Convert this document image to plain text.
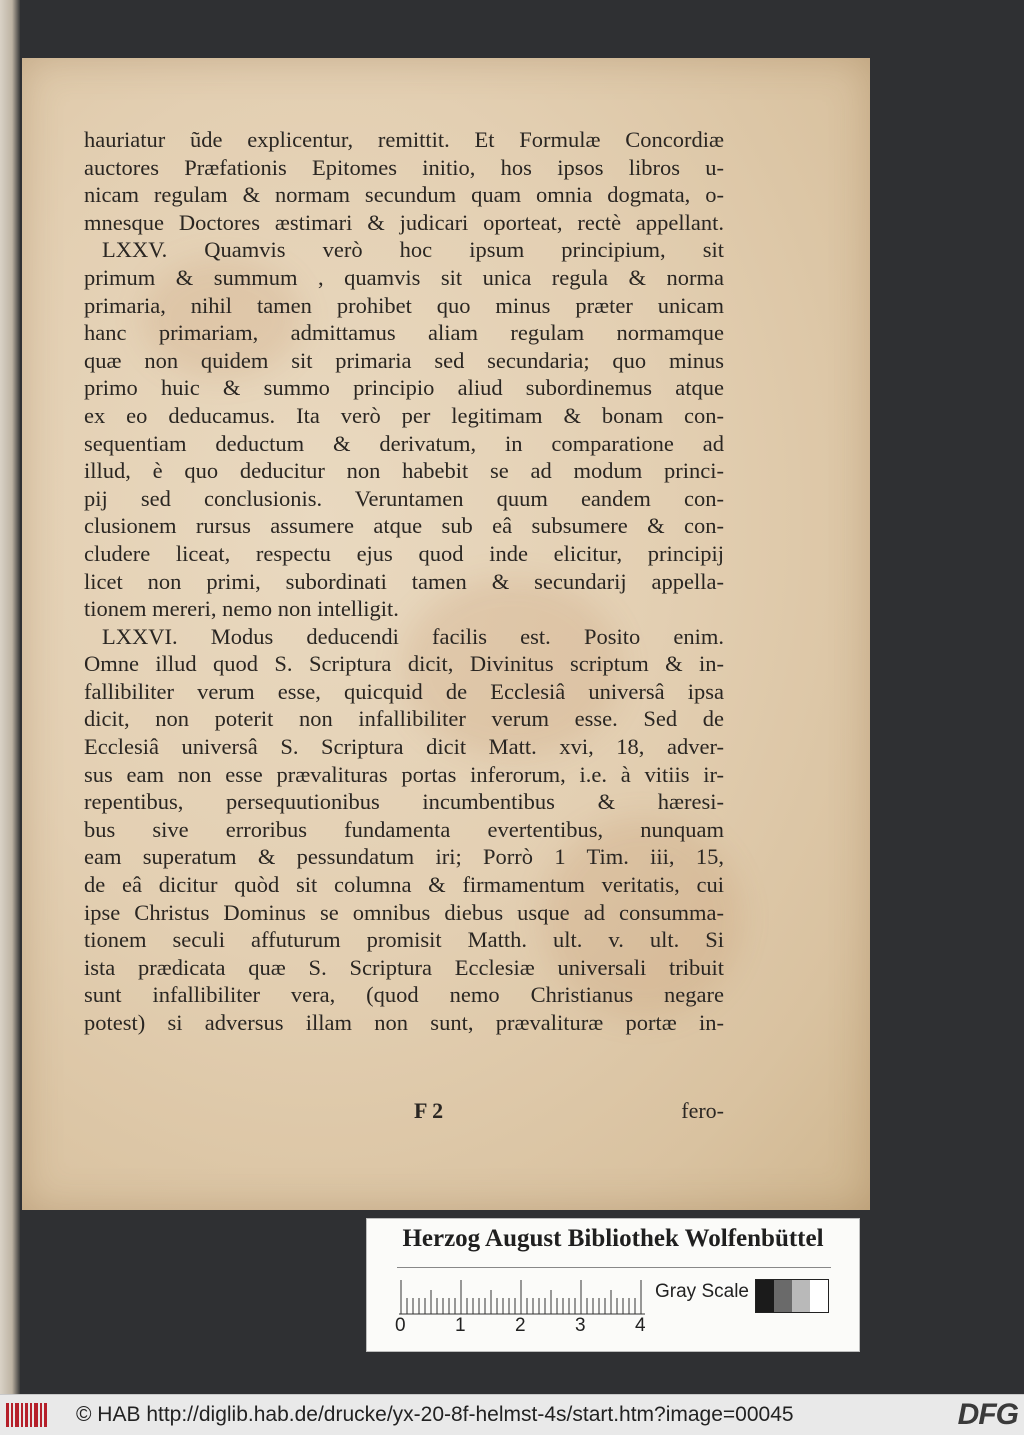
hauriatur ũde explicentur, remittit. Et Formulæ Concordiæ
auctores Præfationis Epitomes initio, hos ipsos libros u-
nicam regulam & normam secundum quam omnia dogmata, o-
mnesque Doctores æstimari & judicari oporteat, rectè appellant.
LXXV. Quamvis verò hoc ipsum principium, sit
primum & summum , quamvis sit unica regula & norma
primaria, nihil tamen prohibet quo minus præter unicam
hanc primariam, admittamus aliam regulam normamque
quæ non quidem sit primaria sed secundaria; quo minus
primo huic & summo principio aliud subordinemus atque
ex eo deducamus. Ita verò per legitimam & bonam con-
sequentiam deductum & derivatum, in comparatione ad
illud, è quo deducitur non habebit se ad modum princi-
pij sed conclusionis. Veruntamen quum eandem con-
clusionem rursus assumere atque sub eâ subsumere & con-
cludere liceat, respectu ejus quod inde elicitur, principij
licet non primi, subordinati tamen & secundarij appella-
tionem mereri, nemo non intelligit.
LXXVI. Modus deducendi facilis est. Posito enim.
Omne illud quod S. Scriptura dicit, Divinitus scriptum & in-
fallibiliter verum esse, quicquid de Ecclesiâ universâ ipsa
dicit, non poterit non infallibiliter verum esse. Sed de
Ecclesiâ universâ S. Scriptura dicit Matt. xvi, 18, adver-
sus eam non esse prævalituras portas inferorum, i.e. à vitiis ir-
repentibus, persequutionibus incumbentibus & hæresi-
bus sive erroribus fundamenta evertentibus, nunquam
eam superatum & pessundatum iri; Porrò 1 Tim. iii, 15,
de eâ dicitur quòd sit columna & firmamentum veritatis, cui
ipse Christus Dominus se omnibus diebus usque ad consumma-
tionem seculi affuturum promisit Matth. ult. v. ult. Si
ista prædicata quæ S. Scriptura Ecclesiæ universali tribuit
sunt infallibiliter vera, (quod nemo Christianus negare
potest) si adversus illam non sunt, prævalituræ portæ in-
F 2	fero-
Herzog August Bibliothek Wolfenbüttel
0	1	2	3	4
Gray Scale
© HAB http://diglib.hab.de/drucke/yx-20-8f-helmst-4s/start.htm?image=00045	DFG
